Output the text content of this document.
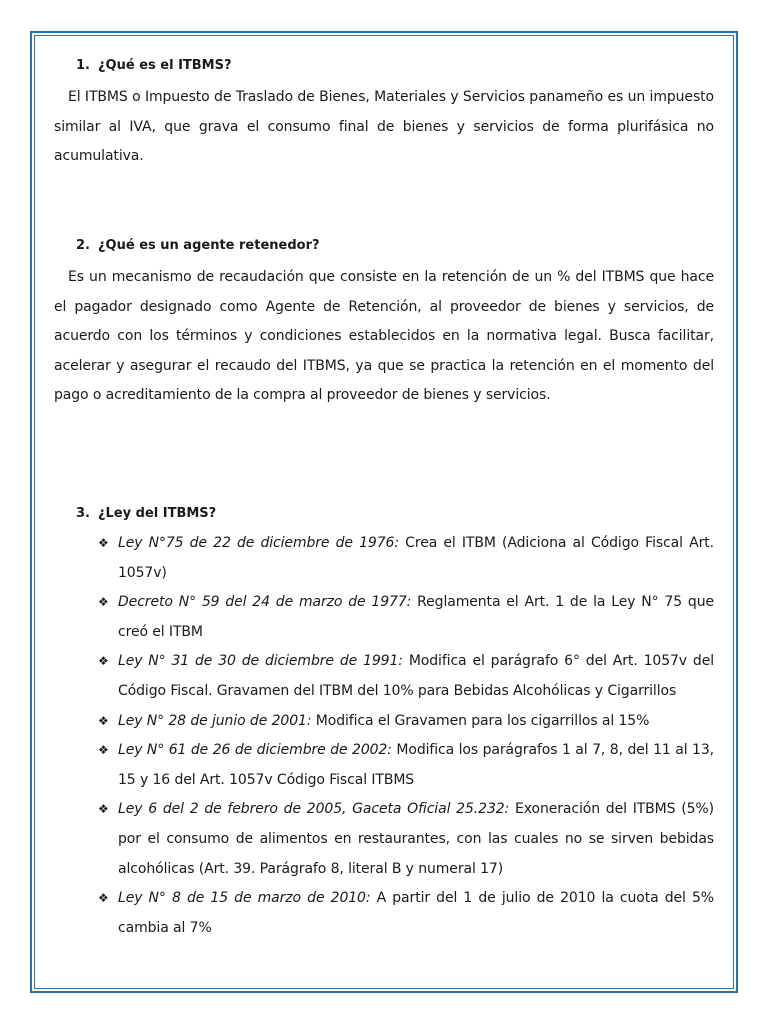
1. ¿Qué es el ITBMS?

El ITBMS o Impuesto de Traslado de Bienes, Materiales y Servicios panameño es un impuesto similar al IVA, que grava el consumo final de bienes y servicios de forma plurifásica no acumulativa.

2. ¿Qué es un agente retenedor?

Es un mecanismo de recaudación que consiste en la retención de un % del ITBMS que hace el pagador designado como Agente de Retención, al proveedor de bienes y servicios, de acuerdo con los términos y condiciones establecidos en la normativa legal. Busca facilitar, acelerar y asegurar el recaudo del ITBMS, ya que se practica la retención en el momento del pago o acreditamiento de la compra al proveedor de bienes y servicios.

3. ¿Ley del ITBMS?
❖ Ley N°75 de 22 de diciembre de 1976: Crea el ITBM (Adiciona al Código Fiscal Art. 1057v)
❖ Decreto N° 59 del 24 de marzo de 1977: Reglamenta el Art. 1 de la Ley N° 75 que creó el ITBM
❖ Ley N° 31 de 30 de diciembre de 1991: Modifica el parágrafo 6° del Art. 1057v del Código Fiscal. Gravamen del ITBM del 10% para Bebidas Alcohólicas y Cigarrillos
❖ Ley N° 28 de junio de 2001: Modifica el Gravamen para los cigarrillos al 15%
❖ Ley N° 61 de 26 de diciembre de 2002: Modifica los parágrafos 1 al 7, 8, del 11 al 13, 15 y 16 del Art. 1057v Código Fiscal ITBMS
❖ Ley 6 del 2 de febrero de 2005, Gaceta Oficial 25.232: Exoneración del ITBMS (5%) por el consumo de alimentos en restaurantes, con las cuales no se sirven bebidas alcohólicas (Art. 39. Parágrafo 8, literal B y numeral 17)
❖ Ley N° 8 de 15 de marzo de 2010: A partir del 1 de julio de 2010 la cuota del 5% cambia al 7%
